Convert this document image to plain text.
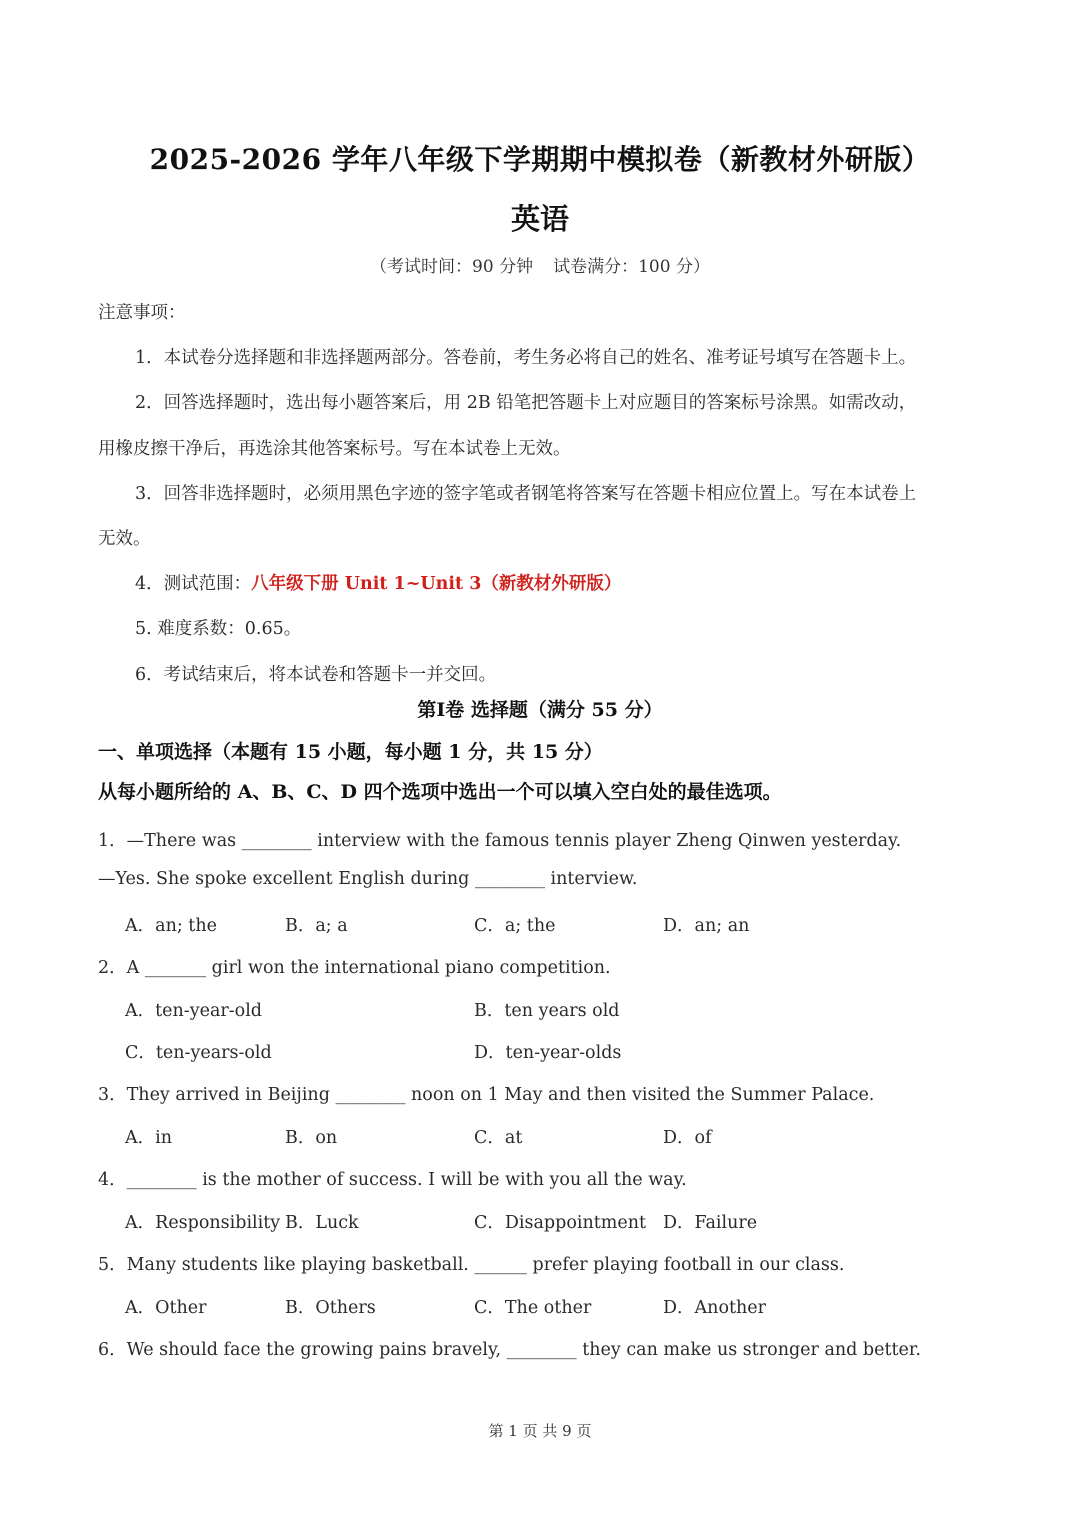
2025-2026 学年八年级下学期期中模拟卷（新教材外研版）
英语
（考试时间：90 分钟 试卷满分：100 分）
注意事项：
1．本试卷分选择题和非选择题两部分。答卷前，考生务必将自己的姓名、准考证号填写在答题卡上。
2．回答选择题时，选出每小题答案后，用 2B 铅笔把答题卡上对应题目的答案标号涂黑。如需改动，
用橡皮擦干净后，再选涂其他答案标号。写在本试卷上无效。
3．回答非选择题时，必须用黑色字迹的签字笔或者钢笔将答案写在答题卡相应位置上。写在本试卷上
无效。
4．测试范围：八年级下册 Unit 1~Unit 3（新教材外研版）
5. 难度系数：0.65。
6．考试结束后，将本试卷和答题卡一并交回。
第Ⅰ卷 选择题（满分 55 分）
一、单项选择（本题有 15 小题，每小题 1 分，共 15 分）
从每小题所给的 A、B、C、D 四个选项中选出一个可以填入空白处的最佳选项。
1．—There was ________ interview with the famous tennis player Zheng Qinwen yesterday.
—Yes. She spoke excellent English during ________ interview.
A．an; the	B．a; a	C．a; the	D．an; an
2．A _______ girl won the international piano competition.
A．ten-year-old	B．ten years old
C．ten-years-old	D．ten-year-olds
3．They arrived in Beijing ________ noon on 1 May and then visited the Summer Palace.
A．in	B．on	C．at	D．of
4．________ is the mother of success. I will be with you all the way.
A．Responsibility B．Luck	C．Disappointment D．Failure
5．Many students like playing basketball. ______ prefer playing football in our class.
A．Other	B．Others	C．The other	D．Another
6．We should face the growing pains bravely, ________ they can make us stronger and better.
第 1 页 共 9 页
